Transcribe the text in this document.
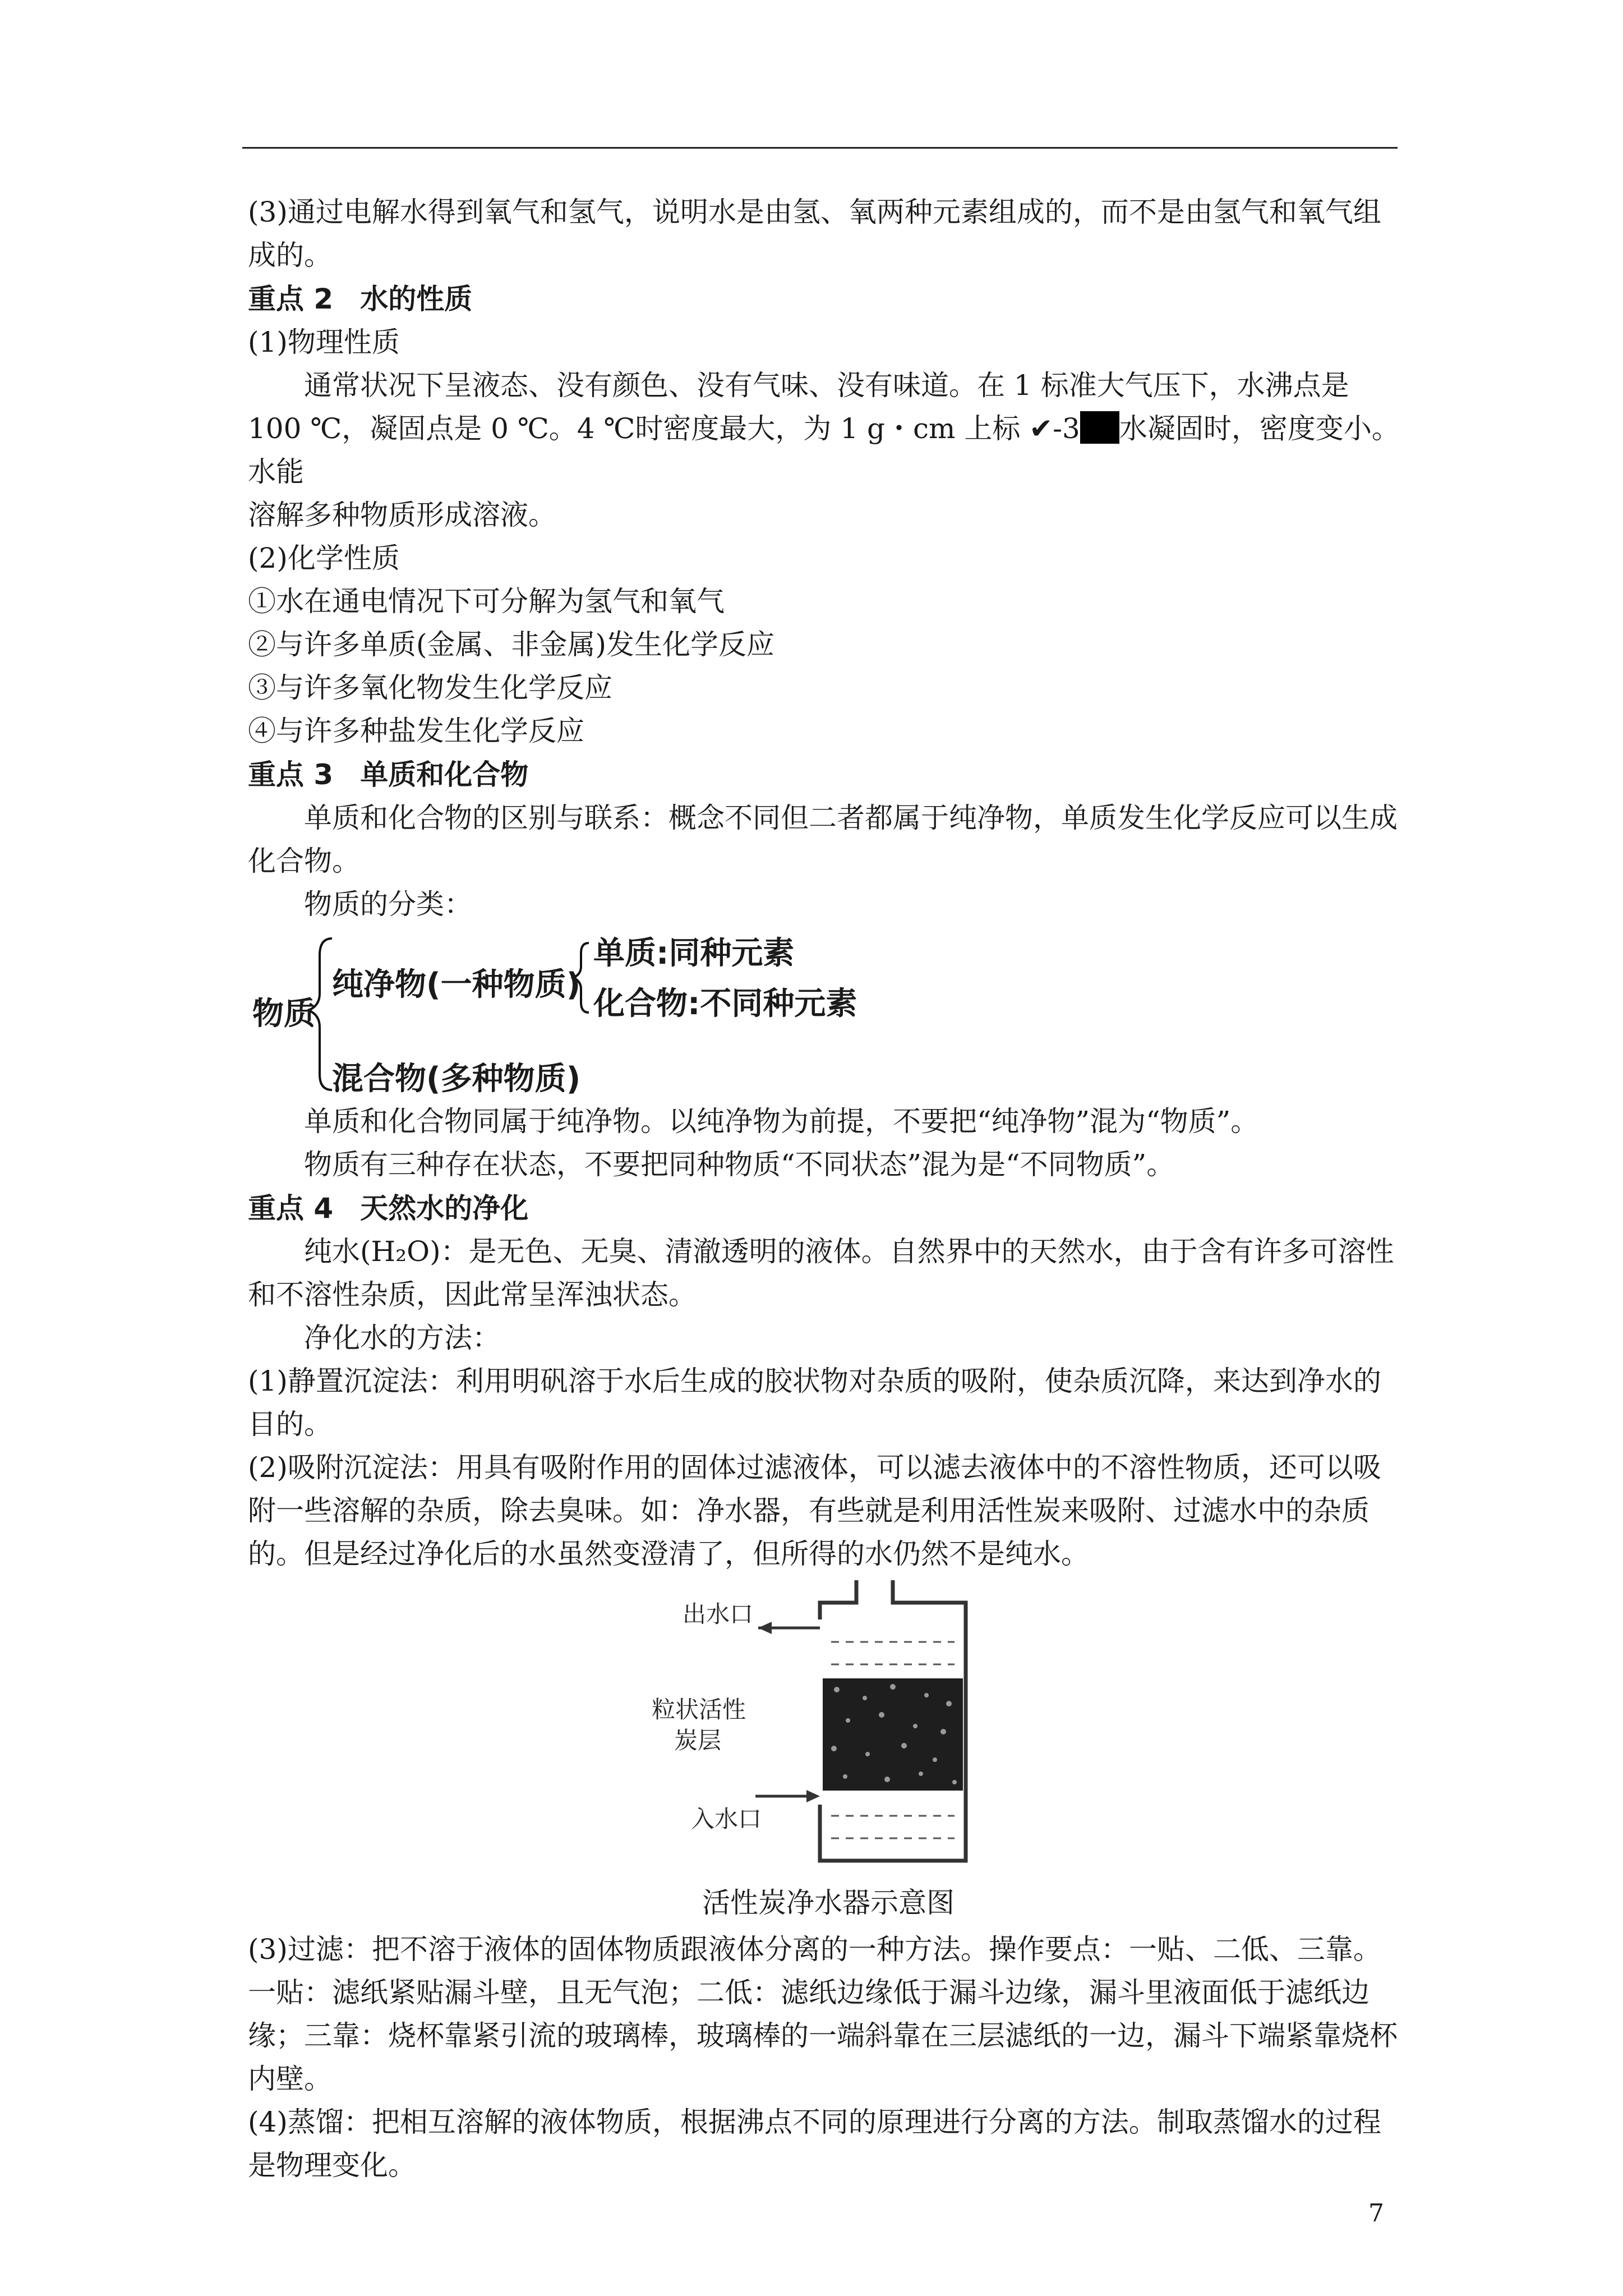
(3)通过电解水得到氧气和氢气，说明水是由氢、氧两种元素组成的，而不是由氢气和氧气组成的。

重点 2 水的性质

(1)物理性质

通常状况下呈液态、没有颜色、没有气味、没有味道。在 1 标准大气压下，水沸点是 100 ℃，凝固点是 0 ℃。4 ℃时密度最大，为 1 g・cm 上标 ✔-3 水凝固时，密度变小。水能

溶解多种物质形成溶液。

(2)化学性质

①水在通电情况下可分解为氢气和氧气

②与许多单质(金属、非金属)发生化学反应

③与许多氧化物发生化学反应

④与许多种盐发生化学反应

重点 3 单质和化合物

单质和化合物的区别与联系：概念不同但二者都属于纯净物，单质发生化学反应可以生成化合物。

物质的分类：

物质
纯净物(一种物质)
混合物(多种物质)
单质:同种元素
化合物:不同种元素

单质和化合物同属于纯净物。以纯净物为前提，不要把“纯净物”混为“物质”。

物质有三种存在状态，不要把同种物质“不同状态”混为是“不同物质”。

重点 4 天然水的净化

纯水(H₂O)：是无色、无臭、清澈透明的液体。自然界中的天然水，由于含有许多可溶性和不溶性杂质，因此常呈浑浊状态。

净化水的方法：

(1)静置沉淀法：利用明矾溶于水后生成的胶状物对杂质的吸附，使杂质沉降，来达到净水的目的。

(2)吸附沉淀法：用具有吸附作用的固体过滤液体，可以滤去液体中的不溶性物质，还可以吸附一些溶解的杂质，除去臭味。如：净水器，有些就是利用活性炭来吸附、过滤水中的杂质的。但是经过净化后的水虽然变澄清了，但所得的水仍然不是纯水。

出水口
粒状活性
炭层
入水口

活性炭净水器示意图

(3)过滤：把不溶于液体的固体物质跟液体分离的一种方法。操作要点：一贴、二低、三靠。一贴：滤纸紧贴漏斗壁，且无气泡；二低：滤纸边缘低于漏斗边缘，漏斗里液面低于滤纸边缘；三靠：烧杯靠紧引流的玻璃棒，玻璃棒的一端斜靠在三层滤纸的一边，漏斗下端紧靠烧杯内壁。

(4)蒸馏：把相互溶解的液体物质，根据沸点不同的原理进行分离的方法。制取蒸馏水的过程是物理变化。

7
